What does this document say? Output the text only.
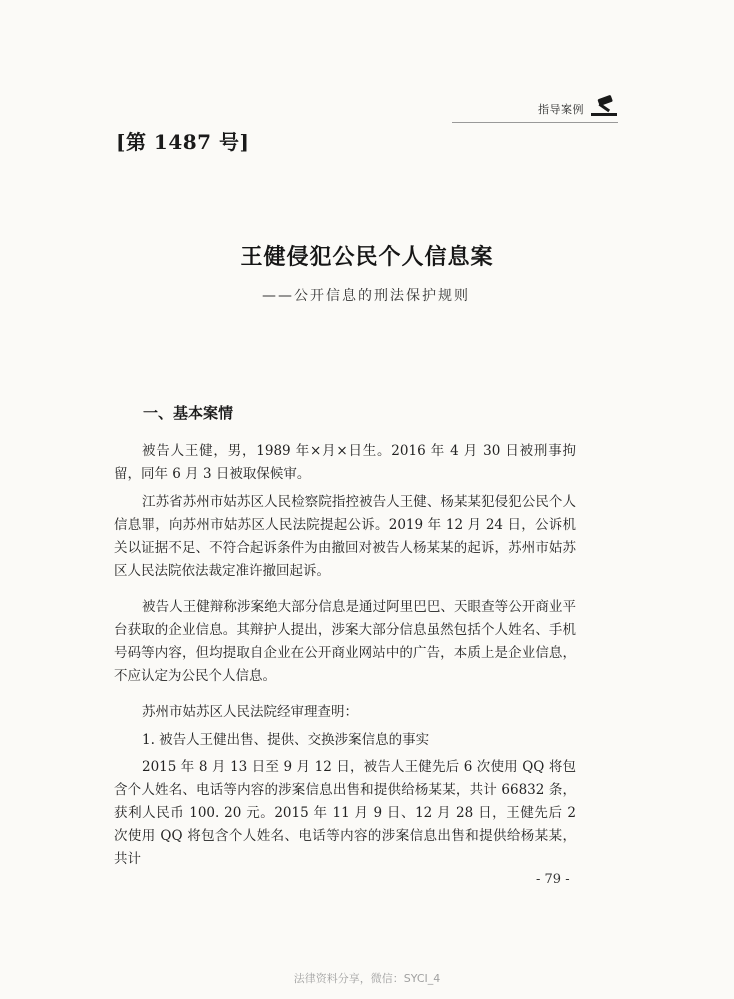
指导案例
[第 1487 号]
王健侵犯公民个人信息案
——公开信息的刑法保护规则
一、基本案情

被告人王健，男，1989 年×月×日生。2016 年 4 月 30 日被刑事拘留，同年 6 月 3 日被取保候审。

江苏省苏州市姑苏区人民检察院指控被告人王健、杨某某犯侵犯公民个人信息罪，向苏州市姑苏区人民法院提起公诉。2019 年 12 月 24 日，公诉机关以证据不足、不符合起诉条件为由撤回对被告人杨某某的起诉，苏州市姑苏区人民法院依法裁定准许撤回起诉。

被告人王健辩称涉案绝大部分信息是通过阿里巴巴、天眼查等公开商业平台获取的企业信息。其辩护人提出，涉案大部分信息虽然包括个人姓名、手机号码等内容，但均提取自企业在公开商业网站中的广告，本质上是企业信息，不应认定为公民个人信息。

苏州市姑苏区人民法院经审理查明：

1. 被告人王健出售、提供、交换涉案信息的事实

2015 年 8 月 13 日至 9 月 12 日，被告人王健先后 6 次使用 QQ 将包含个人姓名、电话等内容的涉案信息出售和提供给杨某某，共计 66832 条，获利人民币 100. 20 元。2015 年 11 月 9 日、12 月 28 日，王健先后 2 次使用 QQ 将包含个人姓名、电话等内容的涉案信息出售和提供给杨某某，共计

- 79 -
法律资料分享，微信：SYCI_4
